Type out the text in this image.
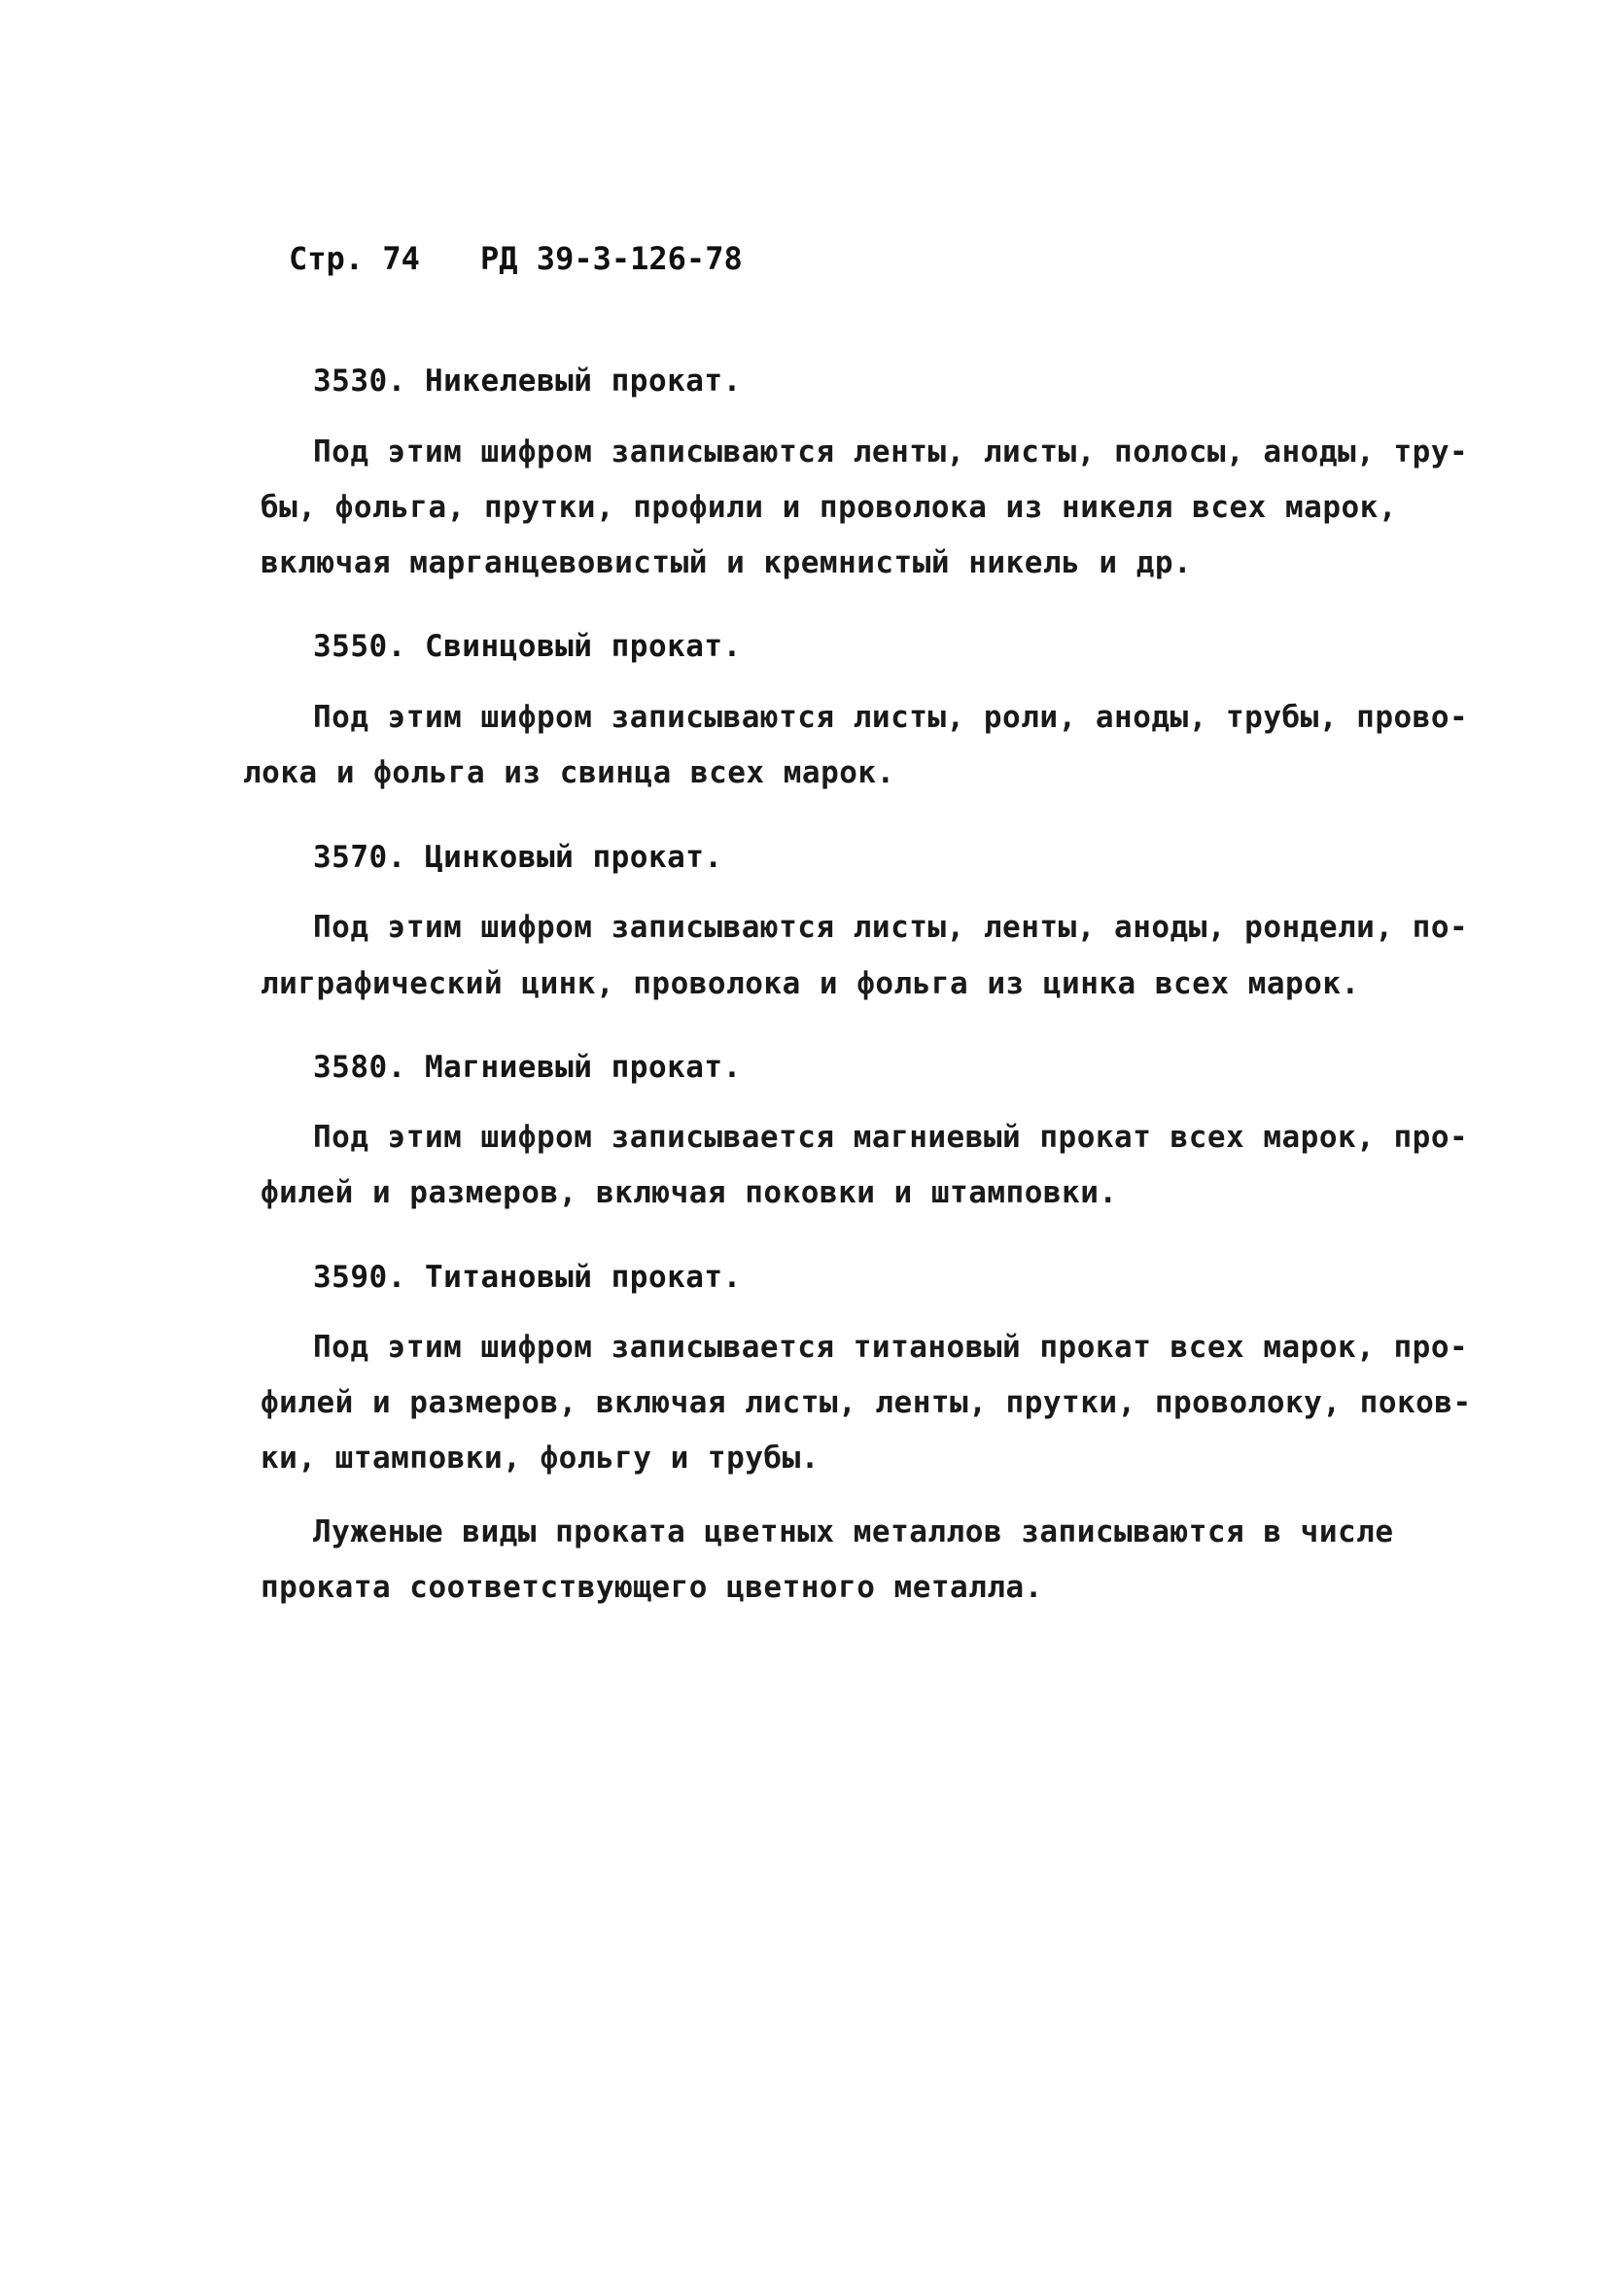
Стр. 74 РД 39-3-126-78
3530. Никелевый прокат.
Под этим шифром записываются ленты, листы, полосы, аноды, тру-
бы, фольга, прутки, профили и проволока из никеля всех марок,
включая марганцевовистый и кремнистый никель и др.
3550. Свинцовый прокат.
Под этим шифром записываются листы, роли, аноды, трубы, прово-
лока и фольга из свинца всех марок.
3570. Цинковый прокат.
Под этим шифром записываются листы, ленты, аноды, рондели, по-
лиграфический цинк, проволока и фольга из цинка всех марок.
3580. Магниевый прокат.
Под этим шифром записывается магниевый прокат всех марок, про-
филей и размеров, включая поковки и штамповки.
3590. Титановый прокат.
Под этим шифром записывается титановый прокат всех марок, про-
филей и размеров, включая листы, ленты, прутки, проволоку, поков-
ки, штамповки, фольгу и трубы.
Луженые виды проката цветных металлов записываются в числе
проката соответствующего цветного металла.
